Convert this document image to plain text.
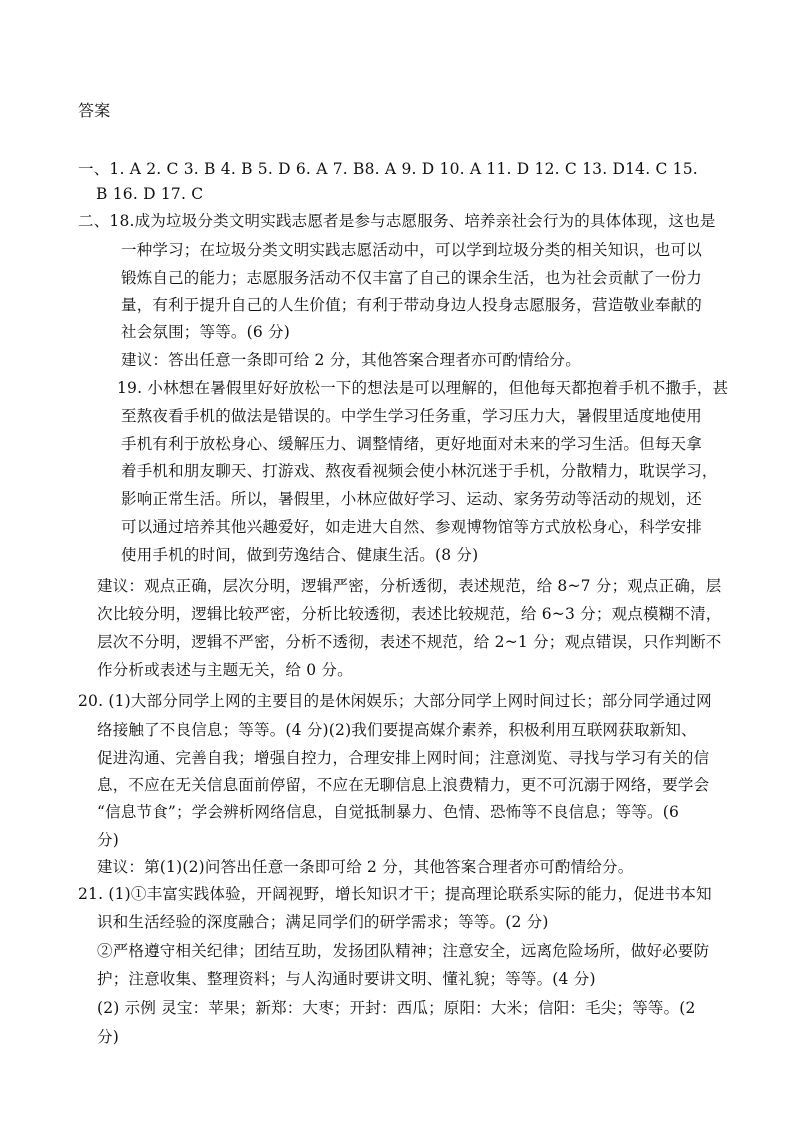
答案
一、1. A 2. C 3. B 4. B 5. D 6. A 7. B8. A 9. D 10. A 11. D 12. C 13. D14. C 15.
B 16. D 17. C
二、18.成为垃圾分类文明实践志愿者是参与志愿服务、培养亲社会行为的具体体现，这也是
一种学习；在垃圾分类文明实践志愿活动中，可以学到垃圾分类的相关知识，也可以
锻炼自己的能力；志愿服务活动不仅丰富了自己的课余生活，也为社会贡献了一份力
量，有利于提升自己的人生价值；有利于带动身边人投身志愿服务，营造敬业奉献的
社会氛围；等等。(6 分)
建议：答出任意一条即可给 2 分，其他答案合理者亦可酌情给分。
19. 小林想在暑假里好好放松一下的想法是可以理解的，但他每天都抱着手机不撒手，甚
至熬夜看手机的做法是错误的。中学生学习任务重，学习压力大，暑假里适度地使用
手机有利于放松身心、缓解压力、调整情绪，更好地面对未来的学习生活。但每天拿
着手机和朋友聊天、打游戏、熬夜看视频会使小林沉迷于手机，分散精力，耽误学习，
影响正常生活。所以，暑假里，小林应做好学习、运动、家务劳动等活动的规划，还
可以通过培养其他兴趣爱好，如走进大自然、参观博物馆等方式放松身心，科学安排
使用手机的时间，做到劳逸结合、健康生活。(8 分)
建议：观点正确，层次分明，逻辑严密，分析透彻，表述规范，给 8~7 分；观点正确，层
次比较分明，逻辑比较严密，分析比较透彻，表述比较规范，给 6~3 分；观点模糊不清，
层次不分明，逻辑不严密，分析不透彻，表述不规范，给 2~1 分；观点错误，只作判断不
作分析或表述与主题无关，给 0 分。
20. (1)大部分同学上网的主要目的是休闲娱乐；大部分同学上网时间过长；部分同学通过网
络接触了不良信息；等等。(4 分)(2)我们要提高媒介素养，积极利用互联网获取新知、
促进沟通、完善自我；增强自控力，合理安排上网时间；注意浏览、寻找与学习有关的信
息，不应在无关信息面前停留，不应在无聊信息上浪费精力，更不可沉溺于网络，要学会
“信息节食”；学会辨析网络信息，自觉抵制暴力、色情、恐怖等不良信息；等等。(6
分)
建议：第(1)(2)问答出任意一条即可给 2 分，其他答案合理者亦可酌情给分。
21. (1)①丰富实践体验，开阔视野，增长知识才干；提高理论联系实际的能力，促进书本知
识和生活经验的深度融合；满足同学们的研学需求；等等。(2 分)
②严格遵守相关纪律；团结互助，发扬团队精神；注意安全，远离危险场所，做好必要防
护；注意收集、整理资料；与人沟通时要讲文明、懂礼貌；等等。(4 分)
(2) 示例 灵宝：苹果；新郑：大枣；开封：西瓜；原阳：大米；信阳：毛尖；等等。(2
分)
